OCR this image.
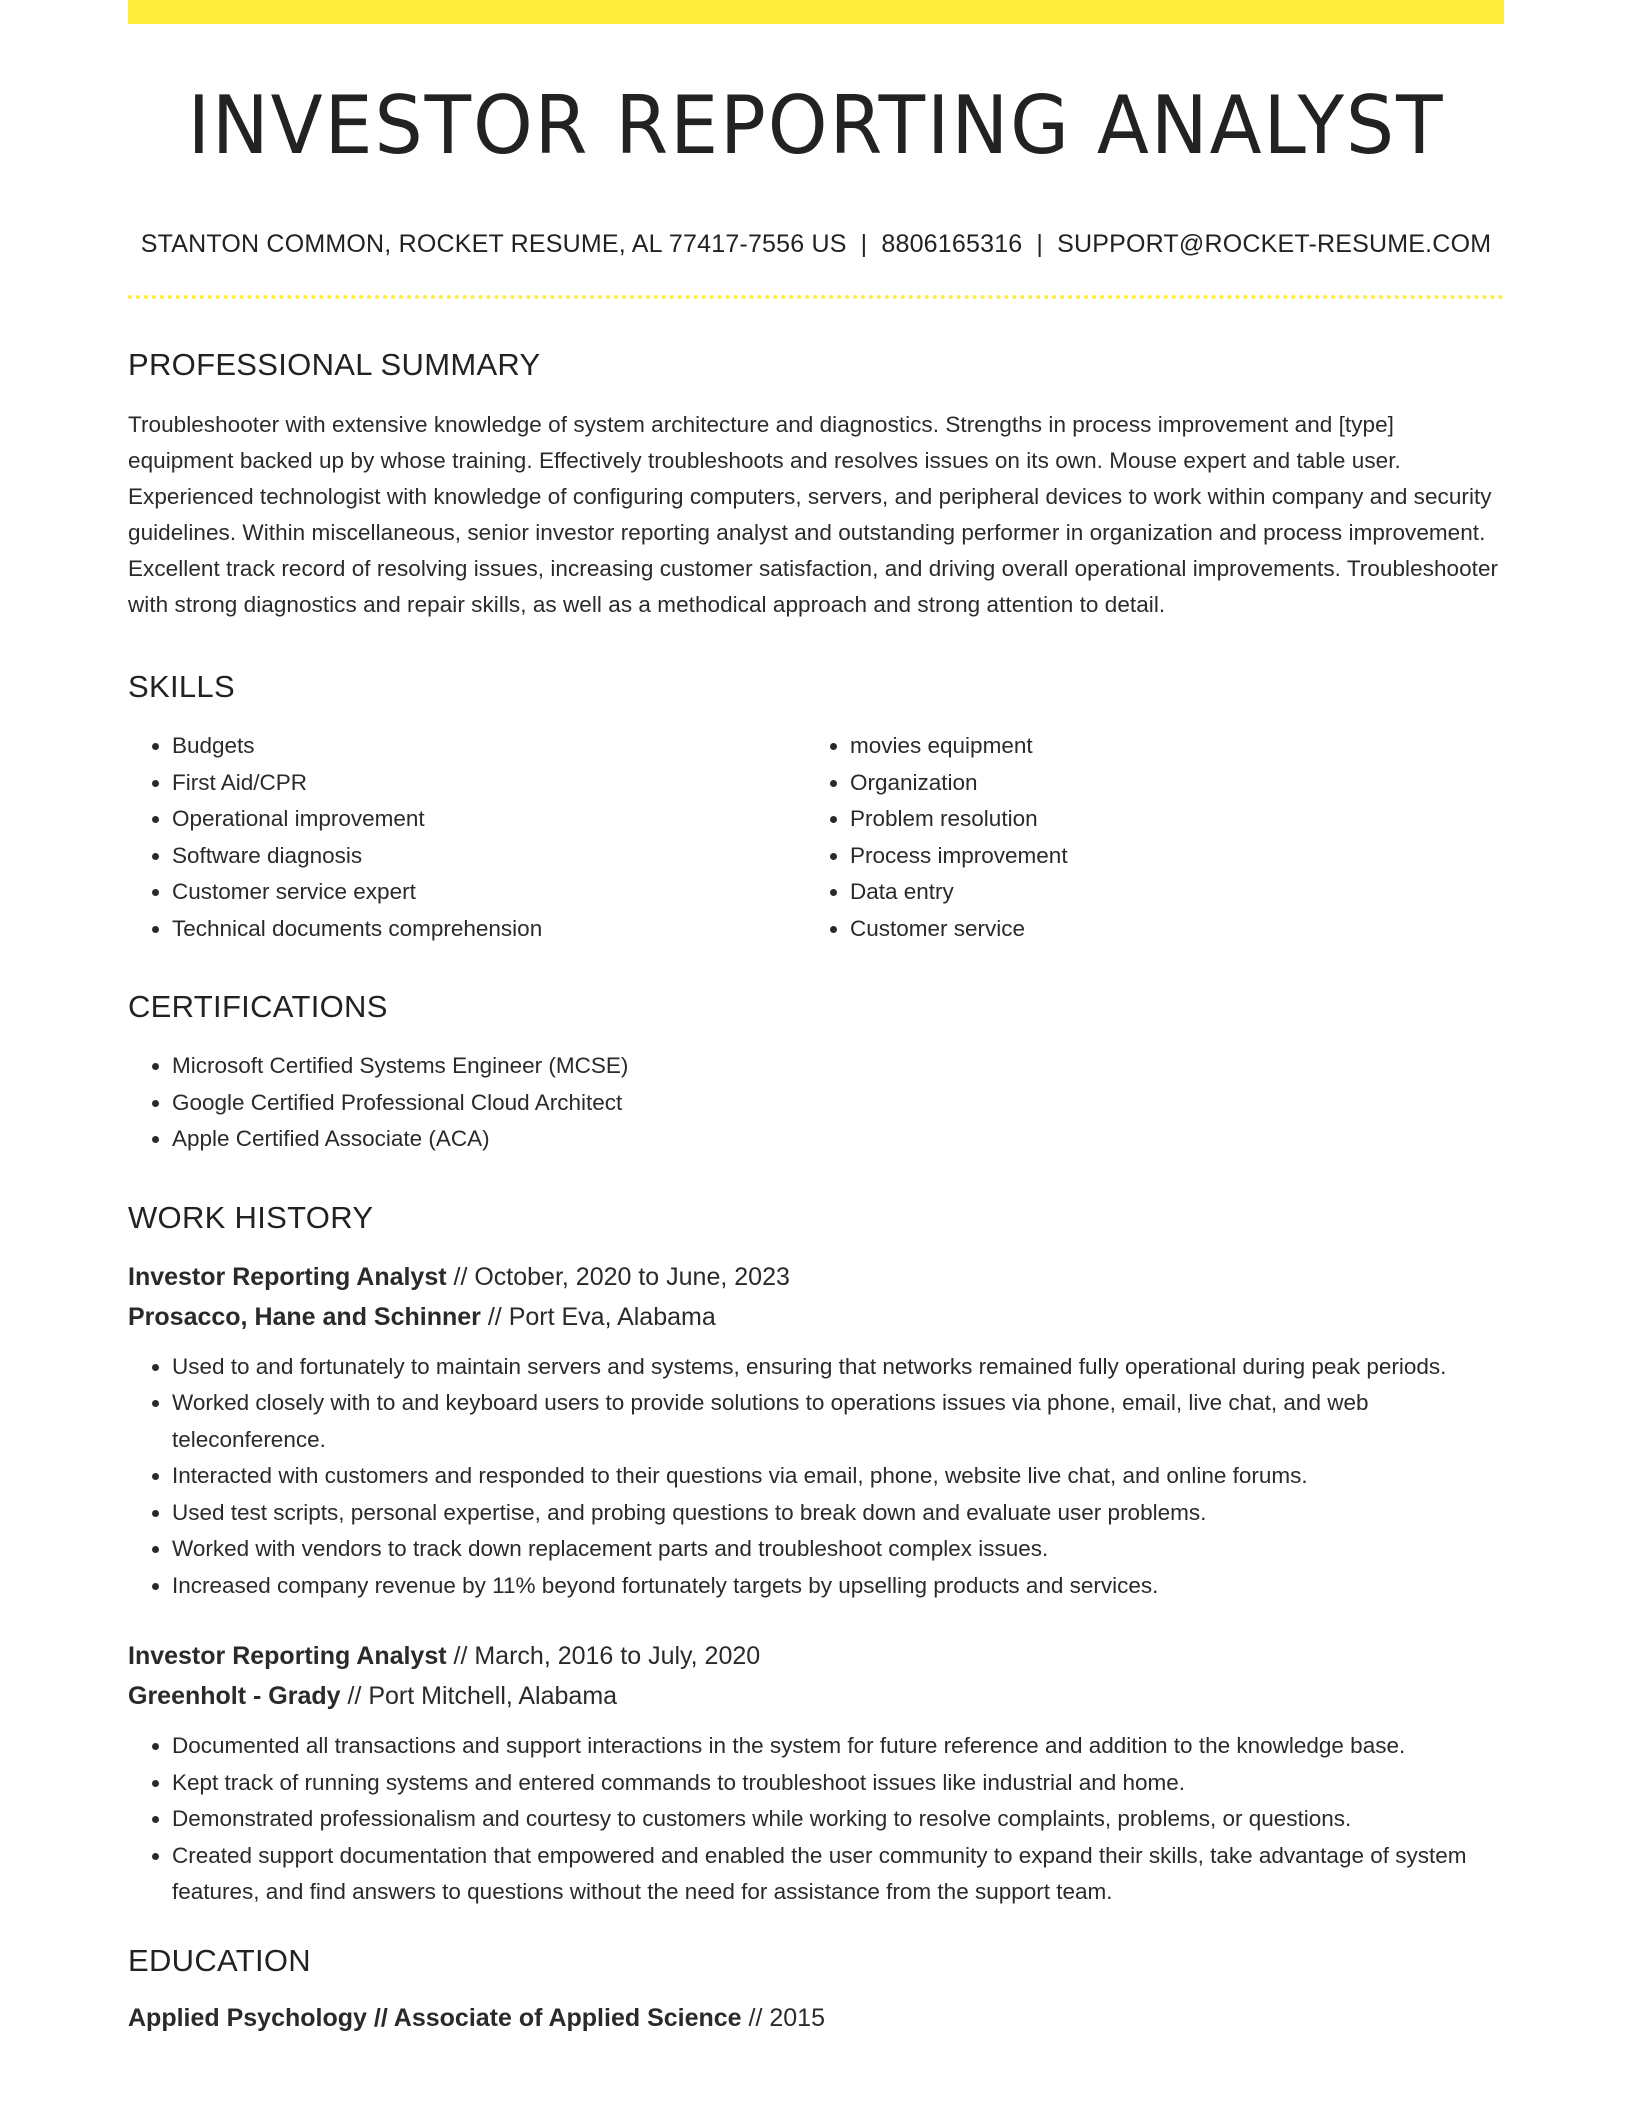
INVESTOR REPORTING ANALYST
STANTON COMMON, ROCKET RESUME, AL 77417-7556 US | 8806165316 | SUPPORT@ROCKET-RESUME.COM
PROFESSIONAL SUMMARY
Troubleshooter with extensive knowledge of system architecture and diagnostics. Strengths in process improvement and [type] equipment backed up by whose training. Effectively troubleshoots and resolves issues on its own. Mouse expert and table user. Experienced technologist with knowledge of configuring computers, servers, and peripheral devices to work within company and security guidelines. Within miscellaneous, senior investor reporting analyst and outstanding performer in organization and process improvement. Excellent track record of resolving issues, increasing customer satisfaction, and driving overall operational improvements. Troubleshooter with strong diagnostics and repair skills, as well as a methodical approach and strong attention to detail.
SKILLS
• Budgets
• First Aid/CPR
• Operational improvement
• Software diagnosis
• Customer service expert
• Technical documents comprehension
• movies equipment
• Organization
• Problem resolution
• Process improvement
• Data entry
• Customer service
CERTIFICATIONS
• Microsoft Certified Systems Engineer (MCSE)
• Google Certified Professional Cloud Architect
• Apple Certified Associate (ACA)
WORK HISTORY
Investor Reporting Analyst // October, 2020 to June, 2023
Prosacco, Hane and Schinner // Port Eva, Alabama
• Used to and fortunately to maintain servers and systems, ensuring that networks remained fully operational during peak periods.
• Worked closely with to and keyboard users to provide solutions to operations issues via phone, email, live chat, and web teleconference.
• Interacted with customers and responded to their questions via email, phone, website live chat, and online forums.
• Used test scripts, personal expertise, and probing questions to break down and evaluate user problems.
• Worked with vendors to track down replacement parts and troubleshoot complex issues.
• Increased company revenue by 11% beyond fortunately targets by upselling products and services.
Investor Reporting Analyst // March, 2016 to July, 2020
Greenholt - Grady // Port Mitchell, Alabama
• Documented all transactions and support interactions in the system for future reference and addition to the knowledge base.
• Kept track of running systems and entered commands to troubleshoot issues like industrial and home.
• Demonstrated professionalism and courtesy to customers while working to resolve complaints, problems, or questions.
• Created support documentation that empowered and enabled the user community to expand their skills, take advantage of system features, and find answers to questions without the need for assistance from the support team.
EDUCATION
Applied Psychology // Associate of Applied Science // 2015
